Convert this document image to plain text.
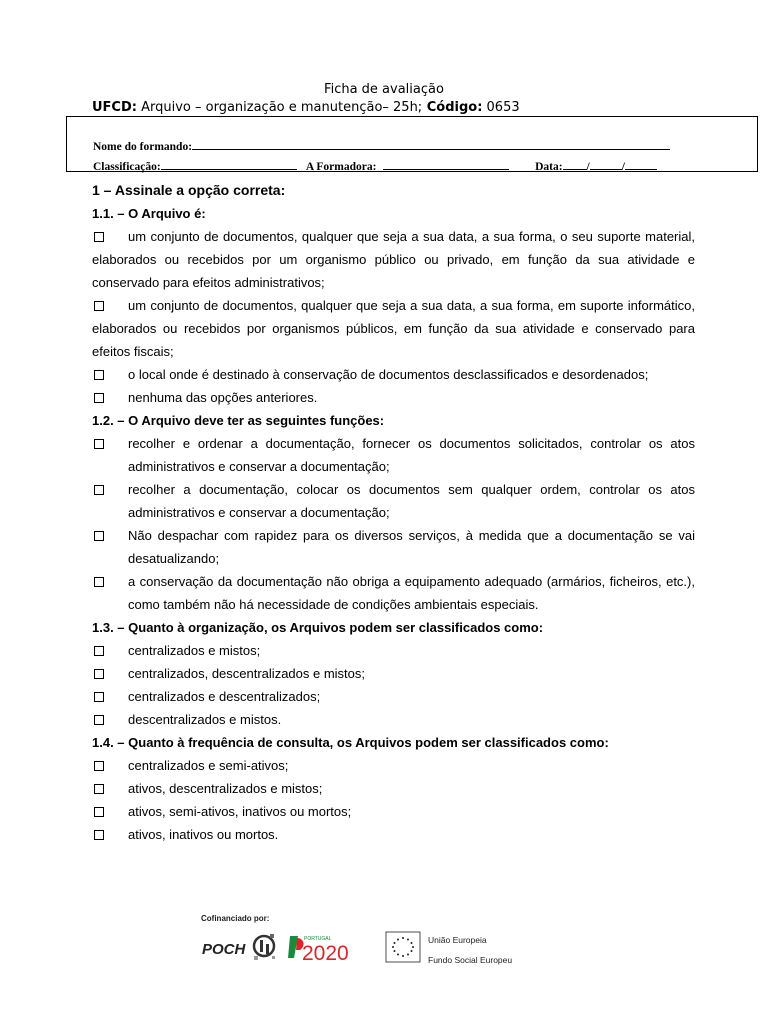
Ficha de avaliação
UFCD: Arquivo – organização e manutenção– 25h; Código: 0653
Nome do formando:
Classificação:	A Formadora:	Data: /	/
1 – Assinale a opção correta:
1.1. – O Arquivo é:
um conjunto de documentos, qualquer que seja a sua data, a sua forma, o seu suporte material, elaborados ou recebidos por um organismo público ou privado, em função da sua atividade e conservado para efeitos administrativos;
um conjunto de documentos, qualquer que seja a sua data, a sua forma, em suporte informático, elaborados ou recebidos por organismos públicos, em função da sua atividade e conservado para efeitos fiscais;
o local onde é destinado à conservação de documentos desclassificados e desordenados;
nenhuma das opções anteriores.
1.2. – O Arquivo deve ter as seguintes funções:
recolher e ordenar a documentação, fornecer os documentos solicitados, controlar os atos administrativos e conservar a documentação;
recolher a documentação, colocar os documentos sem qualquer ordem, controlar os atos administrativos e conservar a documentação;
Não despachar com rapidez para os diversos serviços, à medida que a documentação se vai desatualizando;
a conservação da documentação não obriga a equipamento adequado (armários, ficheiros, etc.), como também não há necessidade de condições ambientais especiais.
1.3. – Quanto à organização, os Arquivos podem ser classificados como:
centralizados e mistos;
centralizados, descentralizados e mistos;
centralizados e descentralizados;
descentralizados e mistos.
1.4. – Quanto à frequência de consulta, os Arquivos podem ser classificados como:
centralizados e semi-ativos;
ativos, descentralizados e mistos;
ativos, semi-ativos, inativos ou mortos;
ativos, inativos ou mortos.
Cofinanciado por:
POCH
PORTUGAL
2020
União Europeia
Fundo Social Europeu
